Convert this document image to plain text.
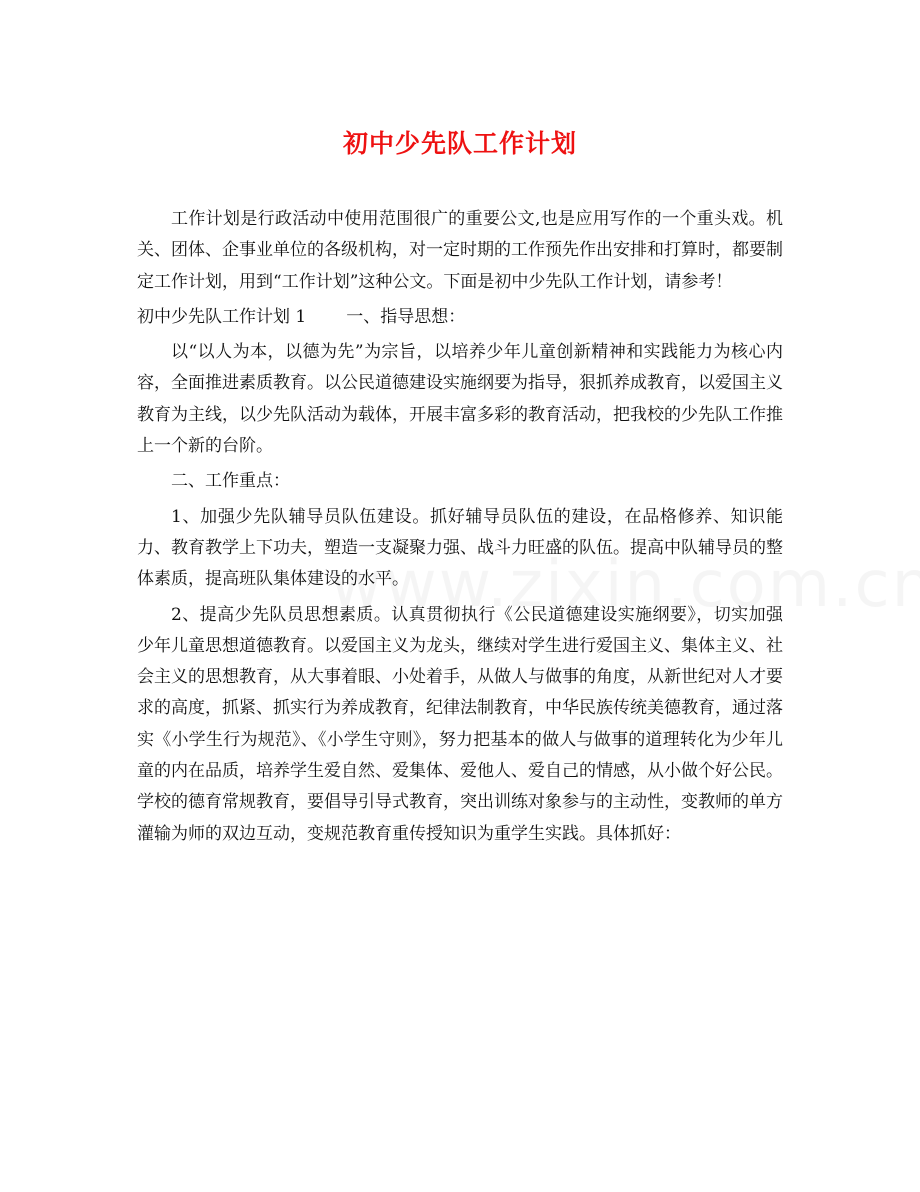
初中少先队工作计划

工作计划是行政活动中使用范围很广的重要公文,也是应用写作的一个重头戏。机关、团体、企事业单位的各级机构，对一定时期的工作预先作出安排和打算时，都要制定工作计划，用到“工作计划”这种公文。下面是初中少先队工作计划，请参考！

初中少先队工作计划 1 一、指导思想：

以“以人为本，以德为先”为宗旨，以培养少年儿童创新精神和实践能力为核心内容，全面推进素质教育。以公民道德建设实施纲要为指导，狠抓养成教育，以爱国主义教育为主线，以少先队活动为载体，开展丰富多彩的教育活动，把我校的少先队工作推上一个新的台阶。

二、工作重点：

1、加强少先队辅导员队伍建设。抓好辅导员队伍的建设，在品格修养、知识能力、教育教学上下功夫，塑造一支凝聚力强、战斗力旺盛的队伍。提高中队辅导员的整体素质，提高班队集体建设的水平。

2、提高少先队员思想素质。认真贯彻执行《公民道德建设实施纲要》，切实加强少年儿童思想道德教育。以爱国主义为龙头，继续对学生进行爱国主义、集体主义、社会主义的思想教育，从大事着眼、小处着手，从做人与做事的角度，从新世纪对人才要求的高度，抓紧、抓实行为养成教育，纪律法制教育，中华民族传统美德教育，通过落实《小学生行为规范》、《小学生守则》，努力把基本的做人与做事的道理转化为少年儿童的内在品质，培养学生爱自然、爱集体、爱他人、爱自己的情感，从小做个好公民。学校的德育常规教育，要倡导引导式教育，突出训练对象参与的主动性，变教师的单方灌输为师的双边互动，变规范教育重传授知识为重学生实践。具体抓好：
